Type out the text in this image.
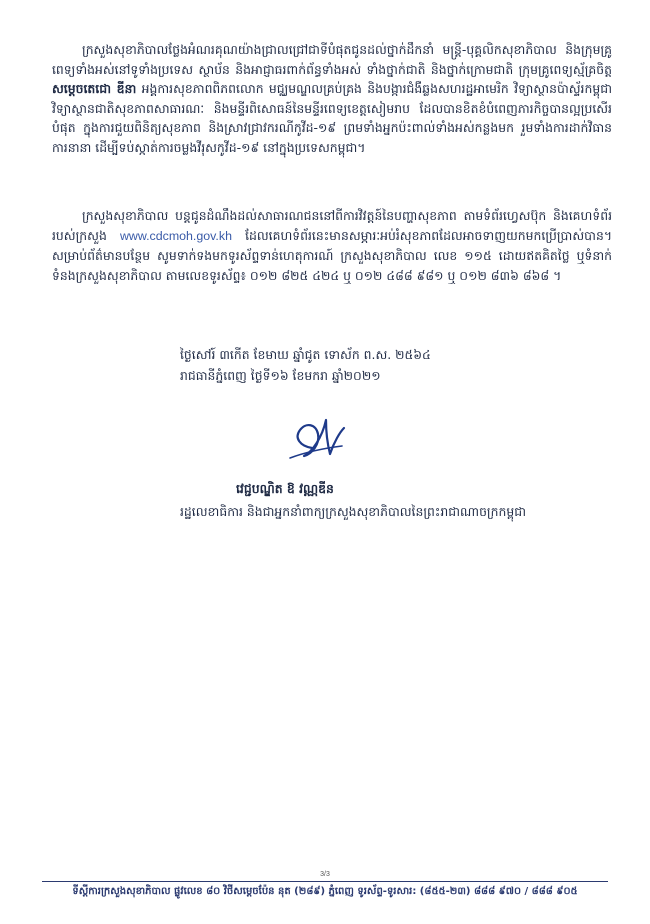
ក្រសួងសុខាភិបាលថ្លែងអំណរគុណយ៉ាងជ្រាលជ្រៅជាទីបំផុតជូនដល់ថ្នាក់ដឹកនាំ មន្ត្រី-បុគ្គលិកសុខាភិបាល និងក្រុមគ្រូពេទ្យទាំងអស់នៅទូទាំងប្រទេស ស្ថាប័ន និងអាជ្ញាធរពាក់ព័ន្ធទាំងអស់ ទាំងថ្នាក់ជាតិ និងថ្នាក់ក្រោមជាតិ ក្រុមគ្រូពេទ្យស្ម័គ្រចិត្ត សម្តេចតេជោ ឌីនា អង្គការសុខភាពពិភពលោក មជ្ឈមណ្ឌលគ្រប់គ្រង និងបង្ការជំងឺឆ្លងសហរដ្ឋអាមេរិក វិទ្យាស្ថានប៉ាស្ទ័រកម្ពុជា វិទ្យាស្ថានជាតិសុខភាពសាធារណៈ និងមន្ទីរពិសោធន៍នៃមន្ទីរពេទ្យខេត្តសៀមរាប ដែលបានខិតខំបំពេញភារកិច្ចបានល្អប្រសើរបំផុត ក្នុងការជួយពិនិត្យសុខភាព និងស្រាវជ្រាវករណីកូវីដ-១៩ ព្រមទាំងអ្នកប៉ះពាល់ទាំងអស់កន្លងមក រួមទាំងការដាក់វិធានការនានា ដើម្បីទប់ស្កាត់ការចម្លងវីរុសកូវីដ-១៩ នៅក្នុងប្រទេសកម្ពុជា។

ក្រសួងសុខាភិបាល បន្តជូនដំណឹងដល់សាធារណជននៅពីការវិវត្តន៍នៃបញ្ហាសុខភាព តាមទំព័រហ្វេសប៊ុក និងគេហទំព័ររបស់ក្រសួង www.cdcmoh.gov.kh ដែលគេហទំព័រនេះមានសម្ភារៈអប់រំសុខភាពដែលអាចទាញយកមកប្រើប្រាស់បាន។ សម្រាប់ព័ត៌មានបន្ថែម សូមទាក់ទងមកទូរស័ព្ទទាន់ហេតុការណ៍ ក្រសួងសុខាភិបាល លេខ ១១៥ ដោយឥតគិតថ្លៃ ឬទំនាក់ទំនងក្រសួងសុខាភិបាល តាមលេខទូរស័ព្ទ៖ ០១២ ៨២៥ ៤២៤ ឬ ០១២ ៤៨៨ ៩៨១ ឬ ០១២ ៨៣៦ ៨៦៨ ។

ថ្ងៃសៅរ៍ ៣កើត ខែមាឃ ឆ្នាំជូត ទោស័ក ព.ស. ២៥៦៤
រាជធានីភ្នំពេញ ថ្ងៃទី១៦ ខែមករា ឆ្នាំ២០២១
វេជ្ជបណ្ឌិត ឱ វណ្ណឌីន
រដ្ឋលេខាធិការ និងជាអ្នកនាំពាក្យក្រសួងសុខាភិបាលនៃព្រះរាជាណាចក្រកម្ពុជា
3/3
ទីស្តីការក្រសួងសុខាភិបាល ផ្លូវលេខ ៨០ វិថីសម្តេចប៉ែន នុត (២៨៩) ភ្នំពេញ ទូរស័ព្ទ-ទូរសារ: (៨៥៥-២៣) ៨៨៨ ៩៧០ / ៨៨៨ ៩០៥
